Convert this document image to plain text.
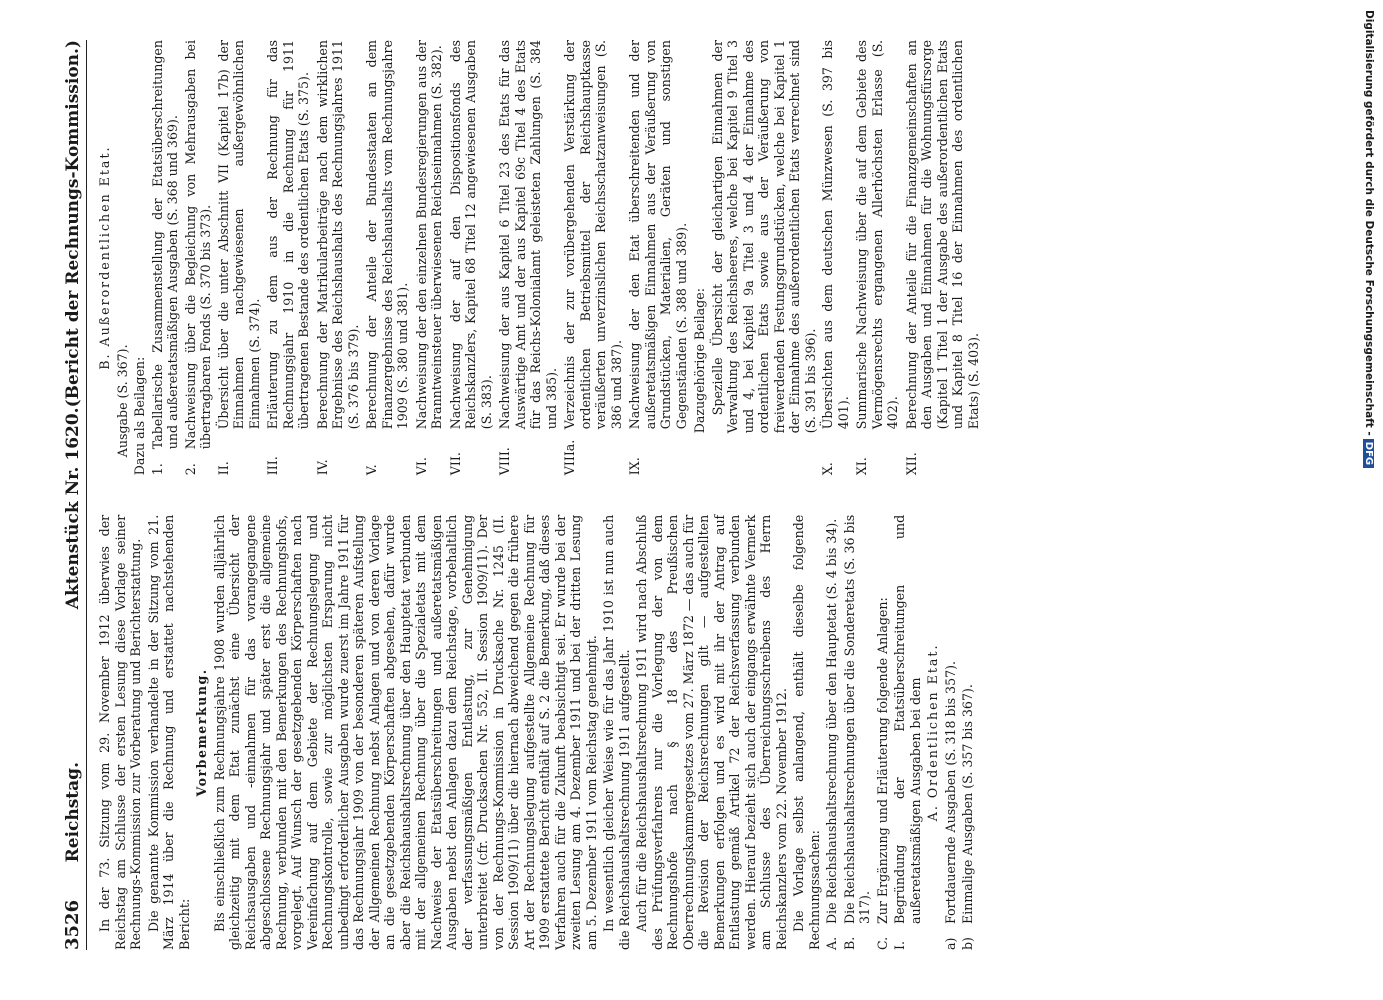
3526
Reichstag.
Aktenstück Nr. 1620.
(Bericht der Rechnungs-Kommission.)

In der 73. Sitzung vom 29. November 1912 überwies der Reichstag am Schlusse der ersten Lesung diese Vorlage seiner Rechnungs-Kommission zur Vorberatung und Berichterstattung. Die genannte Kommission verhandelte in der Sitzung vom 21. März 1914 über die Rechnung und erstattet nachstehenden Bericht:

Vorbemerkung. Bis einschließlich zum Rechnungsjahre 1908 wurden alljährlich gleichzeitig mit dem Etat zunächst eine Übersicht der Reichsausgaben und -einnahmen für das vorangegangene abgeschlossene Rechnungsjahr und später erst die allgemeine Rechnung, verbunden mit den Bemerkungen des Rechnungshofs, vorgelegt. Auf Wunsch der gesetzgebenden Körperschaften nach Vereinfachung auf dem Gebiete der Rechnungslegung und Rechnungskontrolle, sowie zur möglichsten Ersparung nicht unbedingt erforderlicher Ausgaben wurde zuerst im Jahre 1911 für das Rechnungsjahr 1909 von der besonderen späteren Aufstellung der Allgemeinen Rechnung nebst Anlagen und von deren Vorlage an die gesetzgebenden Körperschaften abgesehen, dafür wurde aber die Reichshaushaltsrechnung über den Hauptetat verbunden mit der allgemeinen Rechnung über die Spezialetats mit dem Nachweise der Etatsüberschreitungen und außeretatsmäßigen Ausgaben nebst den Anlagen dazu dem Reichstage, vorbehaltlich der verfassungsmäßigen Entlastung, zur Genehmigung unterbreitet (cfr. Drucksachen Nr. 552, II. Session 1909/11). Der von der Rechnungs-Kommission in Drucksache Nr. 1245 (II. Session 1909/11) über die hiernach abweichend gegen die frühere Art der Rechnungslegung aufgestellte Allgemeine Rechnung für 1909 erstattete Bericht enthält auf S. 2 die Bemerkung, daß dieses Verfahren auch für die Zukunft beabsichtigt sei. Er wurde bei der zweiten Lesung am 4. Dezember 1911 und bei der dritten Lesung am 5. Dezember 1911 vom Reichstag genehmigt. In wesentlich gleicher Weise wie für das Jahr 1910 ist nun auch die Reichshaushaltsrechnung 1911 aufgestellt. Auch für die Reichshaushaltsrechnung 1911 wird nach Abschluß des Prüfungsverfahrens nur die Vorlegung der von dem Rechnungshofe nach § 18 des Preußischen Oberrechnungskammergesetzes vom 27. März 1872 — das auch für die Revision der Reichsrechnungen gilt — aufgestellten Bemerkungen erfolgen und es wird mit ihr der Antrag auf Entlastung gemäß Artikel 72 der Reichsverfassung verbunden werden. Hierauf bezieht sich auch der eingangs erwähnte Vermerk am Schlusse des Überreichungsschreibens des Herrn Reichskanzlers vom 22. November 1912. Die Vorlage selbst anlangend, enthält dieselbe folgende Rechnungssachen: A.
Die Reichshaushaltsrechnung über den Hauptetat (S. 4 bis 34).
B.
Die Reichshaushaltsrechnungen über die Sonderetats (S. 36 bis 317).
C.
Zur Ergänzung und Erläuterung folgende Anlagen:
I.
Begründung der Etatsüberschreitungen und außeretatsmäßigen Ausgaben bei dem A. Ordentlichen Etat.

a)
Fortdauernde Ausgaben (S. 318 bis 357).
b)
Einmalige Ausgaben (S. 357 bis 367).

B. Außerordentlichen Etat.

Ausgabe (S. 367). Dazu als Beilagen: 1.
Tabellarische Zusammenstellung der Etatsüberschreitungen und außeretatsmäßigen Ausgaben (S. 368 und 369).
2.
Nachweisung über die Begleichung von Mehrausgaben bei übertragbaren Fonds (S. 370 bis 373).
II.
Übersicht über die unter Abschnitt VII (Kapitel 17b) der Einnahmen nachgewiesenen außergewöhnlichen Einnahmen (S. 374).
III.
Erläuterung zu dem aus der Rechnung für das Rechnungsjahr 1910 in die Rechnung für 1911 übertragenen Bestande des ordentlichen Etats (S. 375).
IV.
Berechnung der Matrikularbeiträge nach dem wirklichen Ergebnisse des Reichshaushalts des Rechnungsjahres 1911 (S. 376 bis 379).
V.
Berechnung der Anteile der Bundesstaaten an dem Finanzergebnisse des Reichshaushalts vom Rechnungsjahre 1909 (S. 380 und 381).
VI.
Nachweisung der den einzelnen Bundesregierungen aus der Branntweinsteuer überwiesenen Reichseinnahmen (S. 382).
VII.
Nachweisung der auf den Dispositionsfonds des Reichskanzlers, Kapitel 68 Titel 12 angewiesenen Ausgaben (S. 383).
VIII.
Nachweisung der aus Kapitel 6 Titel 23 des Etats für das Auswärtige Amt und der aus Kapitel 69c Titel 4 des Etats für das Reichs-Kolonialamt geleisteten Zahlungen (S. 384 und 385).
VIIIa.
Verzeichnis der zur vorübergehenden Verstärkung der ordentlichen Betriebsmittel der Reichshauptkasse veräußerten unverzinslichen Reichsschatzanweisungen (S. 386 und 387).
IX.
Nachweisung der den Etat überschreitenden und der außeretatsmäßigen Einnahmen aus der Veräußerung von Grundstücken, Materialien, Geräten und sonstigen Gegenständen (S. 388 und 389). Dazugehörige Beilage: Spezielle Übersicht der gleichartigen Einnahmen der Verwaltung des Reichsheeres, welche bei Kapitel 9 Titel 3 und 4, bei Kapitel 9a Titel 3 und 4 der Einnahme des ordentlichen Etats sowie aus der Veräußerung von freiwerdenden Festungsgrundstücken, welche bei Kapitel 1 der Einnahme des außerordentlichen Etats verrechnet sind (S. 391 bis 396).

X.
Übersichten aus dem deutschen Münzwesen (S. 397 bis 401).
XI.
Summarische Nachweisung über die auf dem Gebiete des Vermögensrechts ergangenen Allerhöchsten Erlasse (S. 402).
XII.
Berechnung der Anteile für die Finanzgemeinschaften an den Ausgaben und Einnahmen für die Wohnungsfürsorge (Kapitel 1 Titel 1 der Ausgabe des außerordentlichen Etats und Kapitel 8 Titel 16 der Einnahmen des ordentlichen Etats) (S. 403).	Digitalisierung gefördert durch die Deutsche Forschungsgemeinschaft -
DFG
